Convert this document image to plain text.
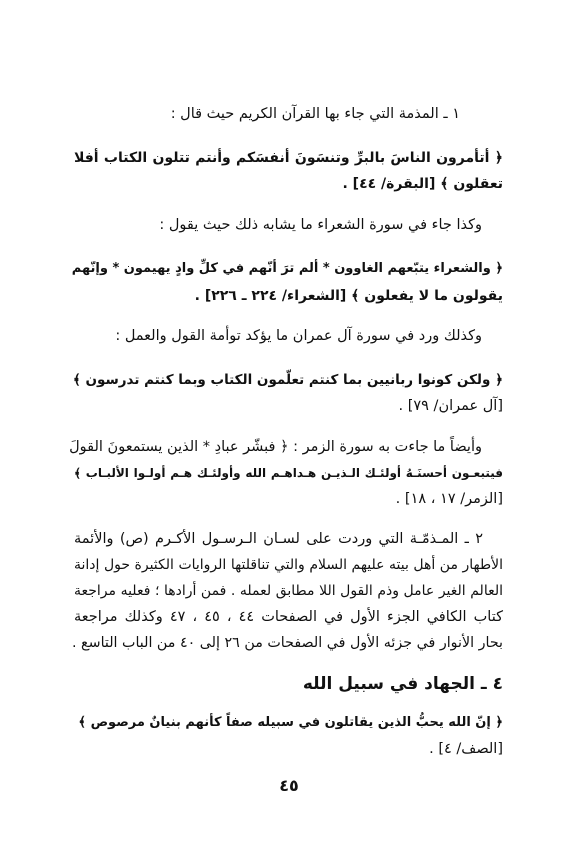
١ ـ المذمة التي جاء بها القرآن الكريم حيث قال :
﴿ أتأمرون الناسَ بالبرِّ وتنسَونَ أنفسَكم وأنتم تتلون الكتاب أفلا
تعقلون ﴾ [البقرة/ ٤٤] .
وكذا جاء في سورة الشعراء ما يشابه ذلك حيث يقول :
﴿ والشعراء يتبّعهم الغاوون * ألم ترَ أنّهم في كلِّ وادٍ يهيمون * وإنّهم
يقولون ما لا يفعلون ﴾ [الشعراء/ ٢٢٤ ـ ٢٢٦] .
وكذلك ورد في سورة آل عمران ما يؤكد توأمة القول والعمل :
﴿ ولكن كونوا ربانيين بما كنتم تعلّمون الكتاب وبما كنتم تدرسون ﴾
[آل عمران/ ٧٩] .
وأيضاً ما جاءت به سورة الزمر : ﴿ فبشّر عبادِ * الذين يستمعونَ القولَ
فيتبعـون أحسنَـهُ أولئـك الـذيـن هـداهـم الله وأولئـك هـم أولـوا الألبـاب ﴾
[الزمر/ ١٧ ، ١٨] .
٢ ـ المـذمّـة التي وردت على لسـان الـرسـول الأكـرم (ص) والأئمة
الأطهار من أهل بيته عليهم السلام والتي تناقلتها الروايات الكثيرة حول إدانة
العالم الغير عامل وذم القول اللا مطابق لعمله . فمن أرادها ؛ فعليه مراجعة
كتاب الكافي الجزء الأول في الصفحات ٤٤ ، ٤٥ ، ٤٧ وكذلك مراجعة
بحار الأنوار في جزئه الأول في الصفحات من ٢٦ إلى ٤٠ من الباب التاسع .
٤ ـ الجهاد في سبيل الله
﴿ إنّ الله يحبُّ الذين يقاتلون في سبيله صفاً كأنهم بنيانٌ مرصوص ﴾
[الصف/ ٤] .
٤٥
